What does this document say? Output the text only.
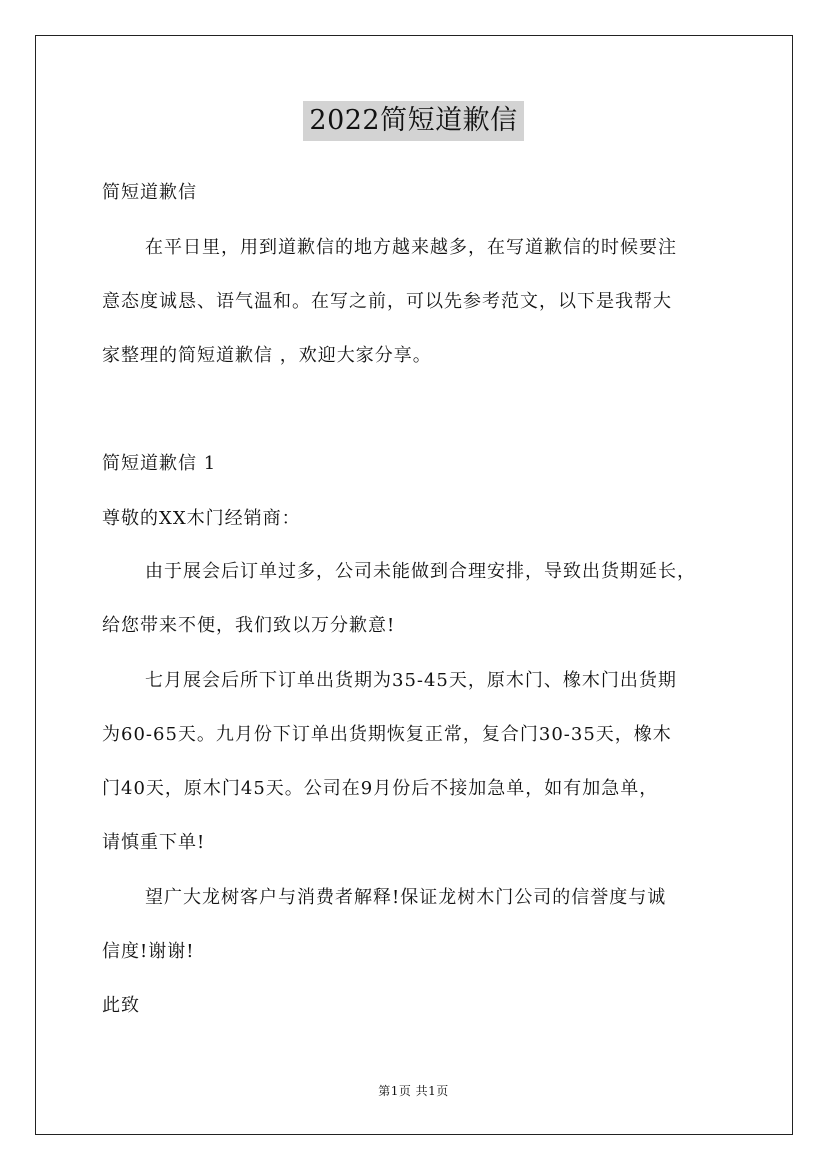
2022简短道歉信
简短道歉信
在平日里，用到道歉信的地方越来越多，在写道歉信的时候要注
意态度诚恳、语气温和。在写之前，可以先参考范文，以下是我帮大
家整理的简短道歉信 ，欢迎大家分享。
简短道歉信 1
尊敬的XX木门经销商：
由于展会后订单过多，公司未能做到合理安排，导致出货期延长，
给您带来不便，我们致以万分歉意!
七月展会后所下订单出货期为35-45天，原木门、橡木门出货期
为60-65天。九月份下订单出货期恢复正常，复合门30-35天，橡木
门40天，原木门45天。公司在9月份后不接加急单，如有加急单，
请慎重下单!
望广大龙树客户与消费者解释!保证龙树木门公司的信誉度与诚
信度!谢谢!
此致
第1页 共1页
